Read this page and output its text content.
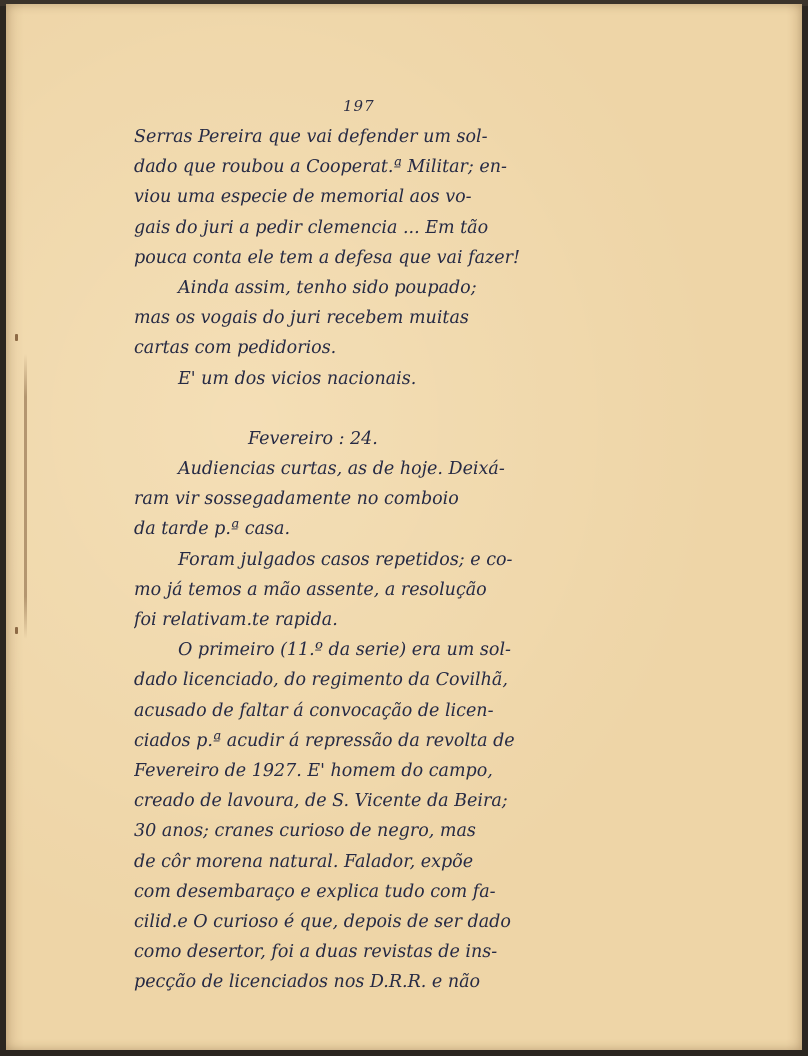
197
Serras Pereira que vai defender um sol-
dado que roubou a Cooperat.ª Militar; en-
viou uma especie de memorial aos vo-
gais do juri a pedir clemencia ... Em tão
pouca conta ele tem a defesa que vai fazer!
Ainda assim, tenho sido poupado;
mas os vogais do juri recebem muitas
cartas com pedidorios.
E' um dos vicios nacionais.
Fevereiro : 24.
Audiencias curtas, as de hoje. Deixá-
ram vir sossegadamente no comboio
da tarde p.ª casa.
Foram julgados casos repetidos; e co-
mo já temos a mão assente, a resolução
foi relativam.te rapida.
O primeiro (11.º da serie) era um sol-
dado licenciado, do regimento da Covilhã,
acusado de faltar á convocação de licen-
ciados p.ª acudir á repressão da revolta de
Fevereiro de 1927. E' homem do campo,
creado de lavoura, de S. Vicente da Beira;
30 anos; cranes curioso de negro, mas
de côr morena natural. Falador, expõe
com desembaraço e explica tudo com fa-
cilid.e O curioso é que, depois de ser dado
como desertor, foi a duas revistas de ins-
pecção de licenciados nos D.R.R. e não
